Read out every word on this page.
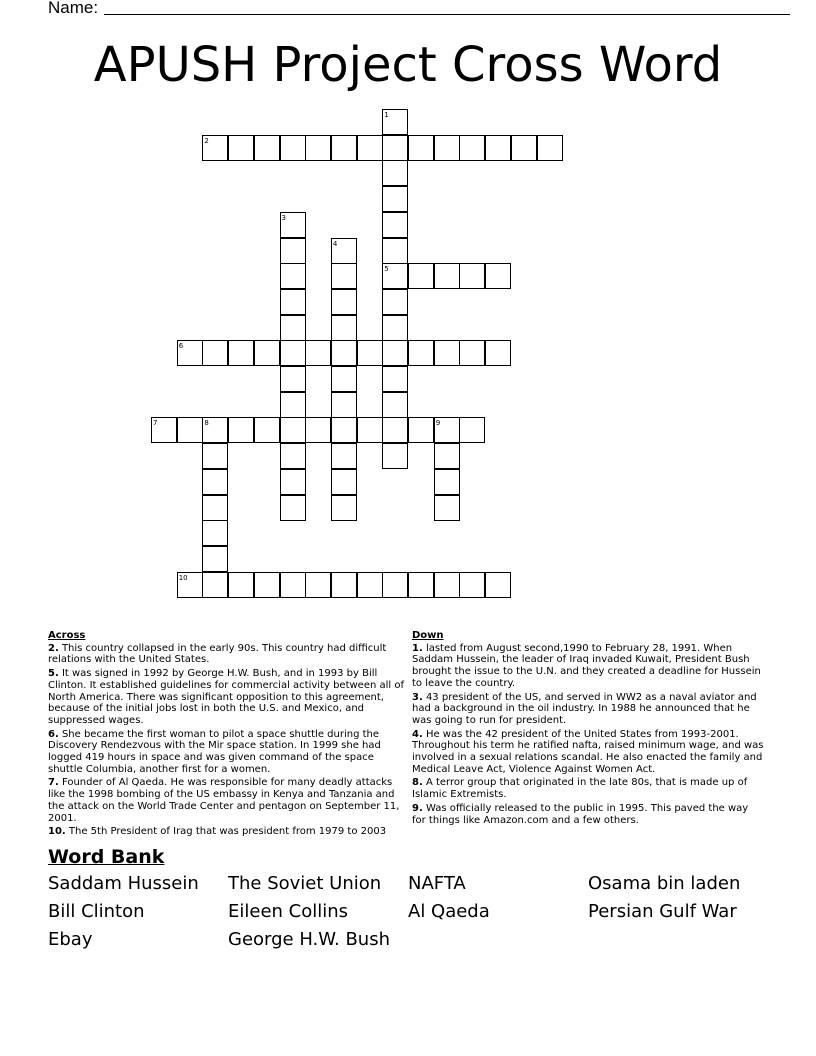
Name:
APUSH Project Cross Word
1
2
3
4
5
6
7	8	9
10
Across
2. This country collapsed in the early 90s. This country had difficult relations with the United States.
5. It was signed in 1992 by George H.W. Bush, and in 1993 by Bill Clinton. It established guidelines for commercial activity between all of North America. There was significant opposition to this agreement, because of the initial jobs lost in both the U.S. and Mexico, and suppressed wages.
6. She became the first woman to pilot a space shuttle during the Discovery Rendezvous with the Mir space station. In 1999 she had logged 419 hours in space and was given command of the space shuttle Columbia, another first for a women.
7. Founder of Al Qaeda. He was responsible for many deadly attacks like the 1998 bombing of the US embassy in Kenya and Tanzania and the attack on the World Trade Center and pentagon on September 11, 2001.
10. The 5th President of Irag that was president from 1979 to 2003
Down
1. lasted from August second,1990 to February 28, 1991. When Saddam Hussein, the leader of Iraq invaded Kuwait, President Bush brought the issue to the U.N. and they created a deadline for Hussein to leave the country.
3. 43 president of the US, and served in WW2 as a naval aviator and had a background in the oil industry. In 1988 he announced that he was going to run for president.
4. He was the 42 president of the United States from 1993-2001. Throughout his term he ratified nafta, raised minimum wage, and was involved in a sexual relations scandal. He also enacted the family and Medical Leave Act, Violence Against Women Act.
8. A terror group that originated in the late 80s, that is made up of Islamic Extremists.
9. Was officially released to the public in 1995. This paved the way for things like Amazon.com and a few others.
Word Bank
Saddam Hussein	The Soviet Union	NAFTA	Osama bin laden
Bill Clinton	Eileen Collins	Al Qaeda	Persian Gulf War
Ebay	George H.W. Bush
